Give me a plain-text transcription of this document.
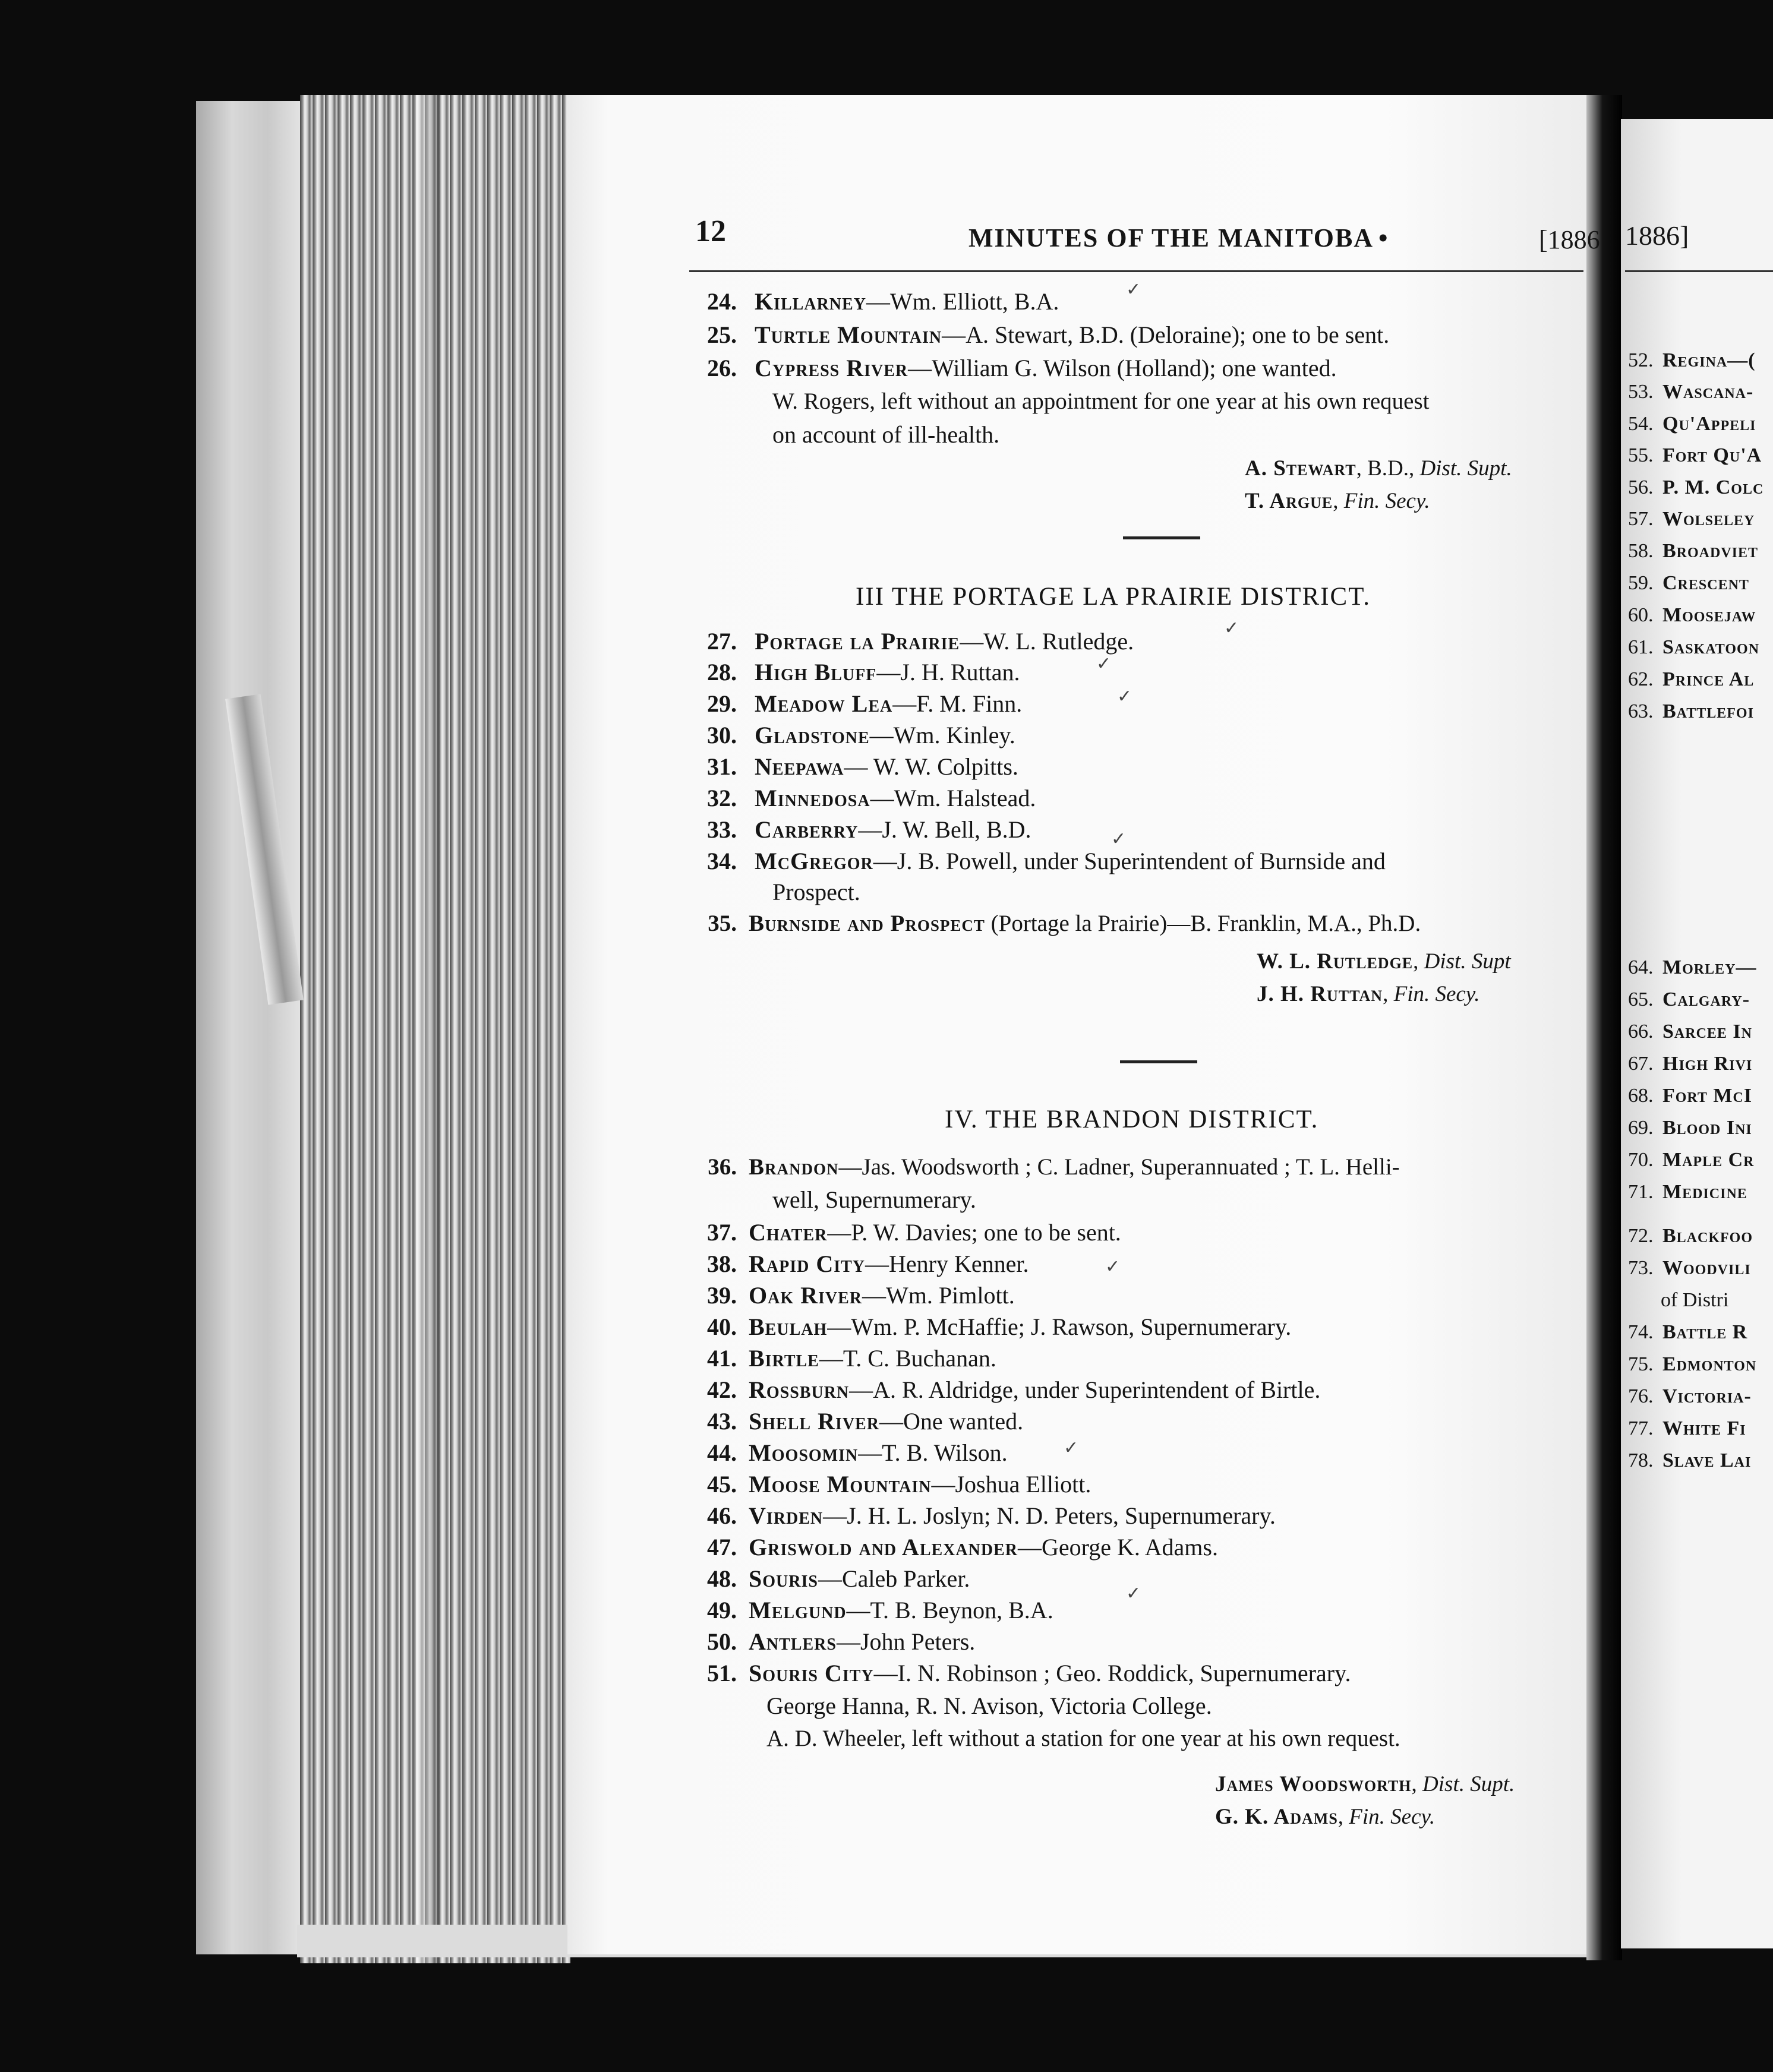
12	MINUTES OF THE MANITOBA •	[1886 1886]
24. Killarney—Wm. Elliott, B.A.
25. Turtle Mountain—A. Stewart, B.D. (Deloraine); one to be sent.
26. Cypress River—William G. Wilson (Holland); one wanted.
W. Rogers, left without an appointment for one year at his own request
on account of ill-health.
A. Stewart, B.D., Dist. Supt.
T. Argue, Fin. Secy.
III THE PORTAGE LA PRAIRIE DISTRICT.
27. Portage la Prairie—W. L. Rutledge.
28. High Bluff—J. H. Ruttan.
29. Meadow Lea—F. M. Finn.
30. Gladstone—Wm. Kinley.
31. Neepawa— W. W. Colpitts.
32. Minnedosa—Wm. Halstead.
33. Carberry—J. W. Bell, B.D.
34. McGregor—J. B. Powell, under Superintendent of Burnside and
Prospect.
35. Burnside and Prospect (Portage la Prairie)—B. Franklin, M.A., Ph.D.
W. L. Rutledge, Dist. Supt
J. H. Ruttan, Fin. Secy.
IV. THE BRANDON DISTRICT.
36. Brandon—Jas. Woodsworth ; C. Ladner, Superannuated ; T. L. Helli-
well, Supernumerary.
37. Chater—P. W. Davies; one to be sent.
38. Rapid City—Henry Kenner.
39. Oak River—Wm. Pimlott.
40. Beulah—Wm. P. McHaffie; J. Rawson, Supernumerary.
41. Birtle—T. C. Buchanan.
42. Rossburn—A. R. Aldridge, under Superintendent of Birtle.
43. Shell River—One wanted.
44. Moosomin—T. B. Wilson.
45. Moose Mountain—Joshua Elliott.
46. Virden—J. H. L. Joslyn; N. D. Peters, Supernumerary.
47. Griswold and Alexander—George K. Adams.
48. Souris—Caleb Parker.
49. Melgund—T. B. Beynon, B.A.
50. Antlers—John Peters.
51. Souris City—I. N. Robinson ; Geo. Roddick, Supernumerary.
George Hanna, R. N. Avison, Victoria College.
A. D. Wheeler, left without a station for one year at his own request.
James Woodsworth, Dist. Supt.
G. K. Adams, Fin. Secy.
52. Regina—(
53. Wascana-
54. Qu'Appeli
55. Fort Qu'A
56. P. M. Colc
57. Wolseley
58. Broadviet
59. Crescent
60. Moosejaw
61. Saskatoon
62. Prince Al
63. Battlefoi
64. Morley—
65. Calgary-
66. Sarcee In
67. High Rivi
68. Fort McI
69. Blood Ini
70. Maple Cr
71. Medicine
72. Blackfoo
73. Woodvili
of Distri
74. Battle R
75. Edmonton
76. Victoria-
77. White Fi
78. Slave Lai
✓
✓
✓
✓
✓
✓
✓
✓
